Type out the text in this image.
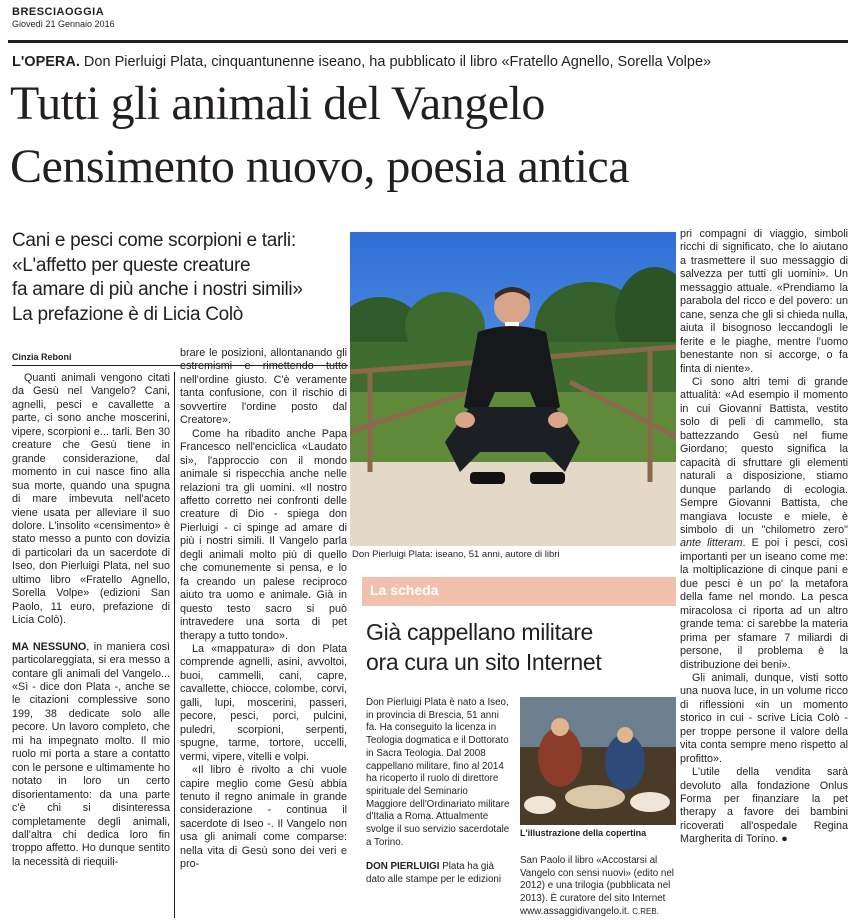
BRESCIAOGGIA
Giovedì 21 Gennaio 2016
L'OPERA. Don Pierluigi Plata, cinquantunenne iseano, ha pubblicato il libro «Fratello Agnello, Sorella Volpe»
Tutti gli animali del Vangelo
Censimento nuovo, poesia antica
Cani e pesci come scorpioni e tarli:
«L'affetto per queste creature
fa amare di più anche i nostri simili»
La prefazione è di Licia Colò
Cinzia Reboni

Quanti animali vengono citati da Gesù nel Vangelo? Cani, agnelli, pesci e cavallette a parte, ci sono anche moscerini, vipere, scorpioni e... tarli. Ben 30 creature che Gesù tiene in grande considerazione, dal momento in cui nasce fino alla sua morte, quando una spugna di mare imbevuta nell'aceto viene usata per alleviare il suo dolore. L'insolito «censimento» è stato messo a punto con dovizia di particolari da un sacerdote di Iseo, don Pierluigi Plata, nel suo ultimo libro «Fratello Agnello, Sorella Volpe» (edizioni San Paolo, 11 euro, prefazione di Licia Colò).

MA NESSUNO, in maniera così particolareggiata, si era messo a contare gli animali del Vangelo... «Sì - dice don Plata -, anche se le citazioni complessive sono 199, 38 dedicate solo alle pecore. Un lavoro completo, che mi ha impegnato molto. Il mio ruolo mi porta a stare a contatto con le persone e ultimamente ho notato in loro un certo disorientamento: da una parte c'è chi si disinteressa completamente degli animali, dall'altra chi dedica loro fin troppo affetto. Ho dunque sentito la necessità di riequili-

brare le posizioni, allontanando gli estremismi e rimettendo tutto nell'ordine giusto. C'è veramente tanta confusione, con il rischio di sovvertire l'ordine posto dal Creatore».

Come ha ribadito anche Papa Francesco nell'enciclica «Laudato si», l'approccio con il mondo animale si rispecchia anche nelle relazioni tra gli uomini. «Il nostro affetto corretto nei confronti delle creature di Dio - spiega don Pierluigi - ci spinge ad amare di più i nostri simili. Il Vangelo parla degli animali molto più di quello che comunemente si pensa, e lo fa creando un palese reciproco aiuto tra uomo e animale. Già in questo testo sacro si può intravedere una sorta di pet therapy a tutto tondo».

La «mappatura» di don Plata comprende agnelli, asini, avvoltoi, buoi, cammelli, cani, capre, cavallette, chiocce, colombe, corvi, galli, lupi, moscerini, passeri, pecore, pesci, porci, pulcini, puledri, scorpioni, serpenti, spugne, tarme, tortore, uccelli, vermi, vipere, vitelli e volpi.

«Il libro è rivolto a chi vuole capire meglio come Gesù abbia tenuto il regno animale in grande considerazione - continua il sacerdote di Iseo -. Il Vangelo non usa gli animali come comparse: nella vita di Gesù sono dei veri e pro-

Don Pierluigi Plata: iseano, 51 anni, autore di libri
La scheda
Già cappellano militare
ora cura un sito Internet

Don Pierluigi Plata è nato a Iseo, in provincia di Brescia, 51 anni fa. Ha conseguito la licenza in Teologia dogmatica e il Dottorato in Sacra Teologia. Dal 2008 cappellano militare, fino al 2014 ha ricoperto il ruolo di direttore spirituale del Seminario Maggiore dell'Ordinariato militare d'Italia a Roma. Attualmente svolge il suo servizio sacerdotale a Torino.

DON PIERLUIGI Plata ha già dato alle stampe per le edizioni

L'illustrazione della copertina
San Paolo il libro «Accostarsi al Vangelo con sensi nuovi» (edito nel 2012) e una trilogia (pubblicata nel 2013). È curatore del sito Internet www.assaggidivangelo.it. C.REB.

pri compagni di viaggio, simboli ricchi di significato, che lo aiutano a trasmettere il suo messaggio di salvezza per tutti gli uomini». Un messaggio attuale. «Prendiamo la parabola del ricco e del povero: un cane, senza che gli si chieda nulla, aiuta il bisognoso leccandogli le ferite e le piaghe, mentre l'uomo benestante non si accorge, o fa finta di niente».

Ci sono altri temi di grande attualità: «Ad esempio il momento in cui Giovanni Battista, vestito solo di peli di cammello, sta battezzando Gesù nel fiume Giordano; questo significa la capacità di sfruttare gli elementi naturali a disposizione, stiamo dunque parlando di ecologia. Sempre Giovanni Battista, che mangiava locuste e miele, è simbolo di un "chilometro zero" ante litteram. E poi i pesci, così importanti per un iseano come me: la moltiplicazione di cinque pani e due pesci è un po' la metafora della fame nel mondo. La pesca miracolosa ci riporta ad un altro grande tema: ci sarebbe la materia prima per sfamare 7 miliardi di persone, il problema è la distribuzione dei beni».

Gli animali, dunque, visti sotto una nuova luce, in un volume ricco di riflessioni «in un momento storico in cui - scrive Licia Colò - per troppe persone il valore della vita conta sempre meno rispetto al profitto».

L'utile della vendita sarà devoluto alla fondazione Onlus Forma per finanziare la pet therapy a favore dei bambini ricoverati all'ospedale Regina Margherita di Torino. ●
